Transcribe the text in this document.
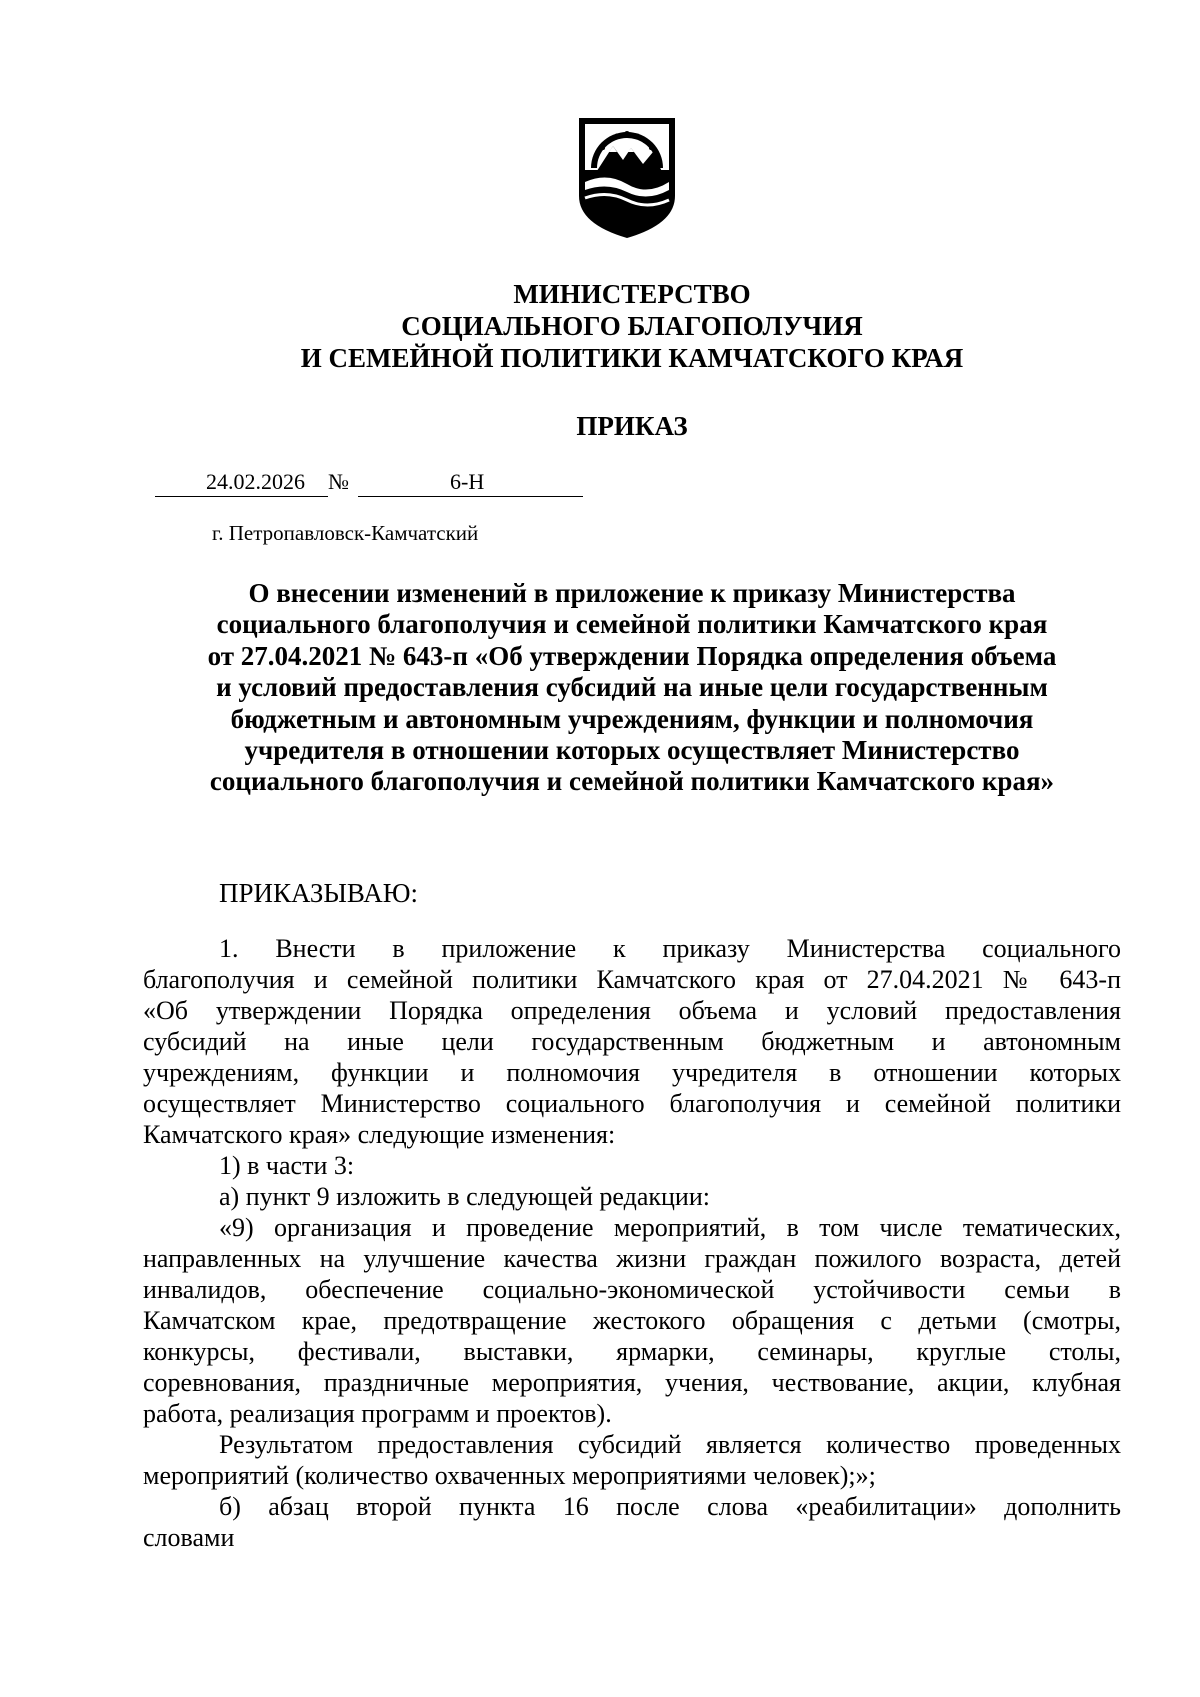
МИНИСТЕРСТВО
СОЦИАЛЬНОГО БЛАГОПОЛУЧИЯ
И СЕМЕЙНОЙ ПОЛИТИКИ КАМЧАТСКОГО КРАЯ
ПРИКАЗ
24.02.2026	№	6-Н

г. Петропавловск-Камчатский
О внесении изменений в приложение к приказу Министерства
социального благополучия и семейной политики Камчатского края
от 27.04.2021 № 643-п «Об утверждении Порядка определения объема
и условий предоставления субсидий на иные цели государственным
бюджетным и автономным учреждениям, функции и полномочия
учредителя в отношении которых осуществляет Министерство
социального благополучия и семейной политики Камчатского края»
ПРИКАЗЫВАЮ:
1. Внести в приложение к приказу Министерства социального
благополучия и семейной политики Камчатского края от 27.04.2021 № 643-п
«Об утверждении Порядка определения объема и условий предоставления
субсидий на иные цели государственным бюджетным и автономным
учреждениям, функции и полномочия учредителя в отношении которых
осуществляет Министерство социального благополучия и семейной политики
Камчатского края» следующие изменения:
1) в части 3:
а) пункт 9 изложить в следующей редакции:
«9) организация и проведение мероприятий, в том числе тематических,
направленных на улучшение качества жизни граждан пожилого возраста, детей
инвалидов, обеспечение социально-экономической устойчивости семьи в
Камчатском крае, предотвращение жестокого обращения с детьми (смотры,
конкурсы, фестивали, выставки, ярмарки, семинары, круглые столы,
соревнования, праздничные мероприятия, учения, чествование, акции, клубная
работа, реализация программ и проектов).
Результатом предоставления субсидий является количество проведенных
мероприятий (количество охваченных мероприятиями человек);»;
б) абзац второй пункта 16 после слова «реабилитации» дополнить
словами
